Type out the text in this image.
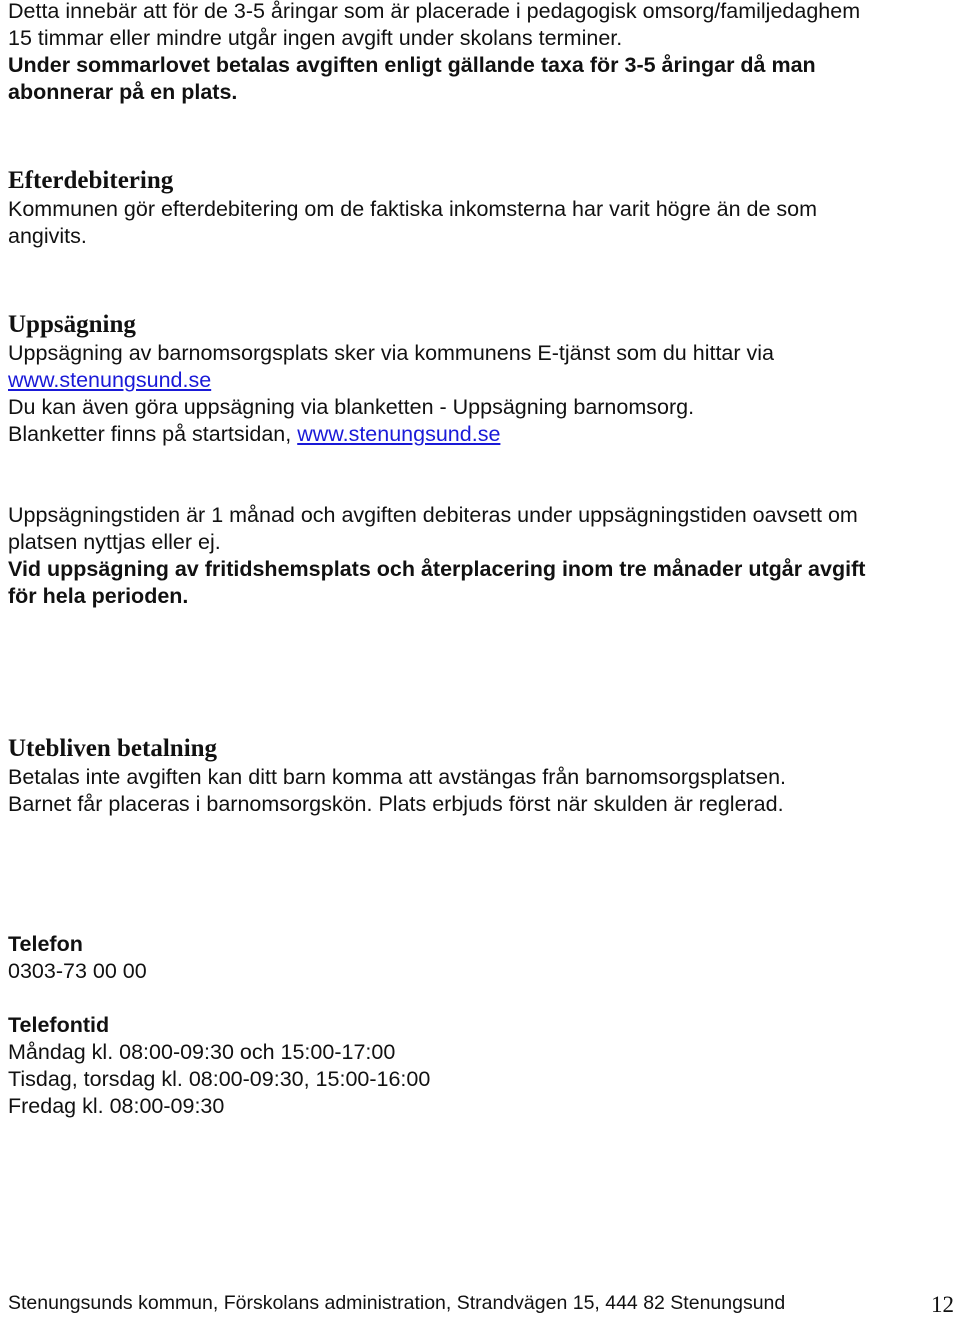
Detta innebär att för de 3-5 åringar som är placerade i pedagogisk omsorg/familjedaghem

15 timmar eller mindre utgår ingen avgift under skolans terminer.

Under sommarlovet betalas avgiften enligt gällande taxa för 3-5 åringar då man

abonnerar på en plats.

Efterdebitering

Kommunen gör efterdebitering om de faktiska inkomsterna har varit högre än de som

angivits.

Uppsägning

Uppsägning av barnomsorgsplats sker via kommunens E-tjänst som du hittar via

www.stenungsund.se

Du kan även göra uppsägning via blanketten - Uppsägning barnomsorg.

Blanketter finns på startsidan, www.stenungsund.se

Uppsägningstiden är 1 månad och avgiften debiteras under uppsägningstiden oavsett om

platsen nyttjas eller ej.

Vid uppsägning av fritidshemsplats och återplacering inom tre månader utgår avgift

för hela perioden.

Utebliven betalning

Betalas inte avgiften kan ditt barn komma att avstängas från barnomsorgsplatsen.

Barnet får placeras i barnomsorgskön. Plats erbjuds först när skulden är reglerad.

Telefon

0303-73 00 00

Telefontid

Måndag kl. 08:00-09:30 och 15:00-17:00

Tisdag, torsdag kl. 08:00-09:30, 15:00-16:00

Fredag kl. 08:00-09:30

Stenungsunds kommun, Förskolans administration, Strandvägen 15, 444 82 Stenungsund	12
